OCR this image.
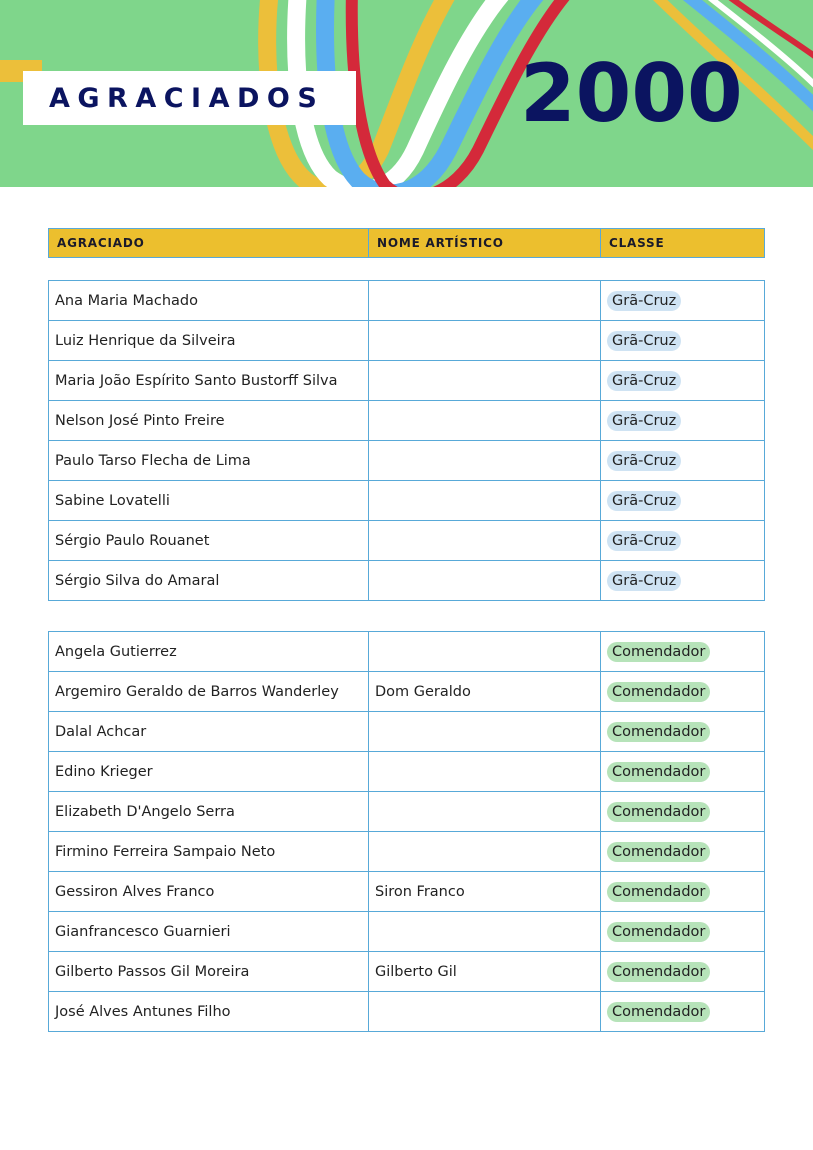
AGRACIADOS 2000
AGRACIADO	NOME ARTÍSTICO	CLASSE
Ana Maria Machado		Grã-Cruz
Luiz Henrique da Silveira		Grã-Cruz
Maria João Espírito Santo Bustorff Silva		Grã-Cruz
Nelson José Pinto Freire		Grã-Cruz
Paulo Tarso Flecha de Lima		Grã-Cruz
Sabine Lovatelli		Grã-Cruz
Sérgio Paulo Rouanet		Grã-Cruz
Sérgio Silva do Amaral		Grã-Cruz
Angela Gutierrez		Comendador
Argemiro Geraldo de Barros Wanderley	Dom Geraldo	Comendador
Dalal Achcar		Comendador
Edino Krieger		Comendador
Elizabeth D'Angelo Serra		Comendador
Firmino Ferreira Sampaio Neto		Comendador
Gessiron Alves Franco	Siron Franco	Comendador
Gianfrancesco Guarnieri		Comendador
Gilberto Passos Gil Moreira	Gilberto Gil	Comendador
José Alves Antunes Filho		Comendador
